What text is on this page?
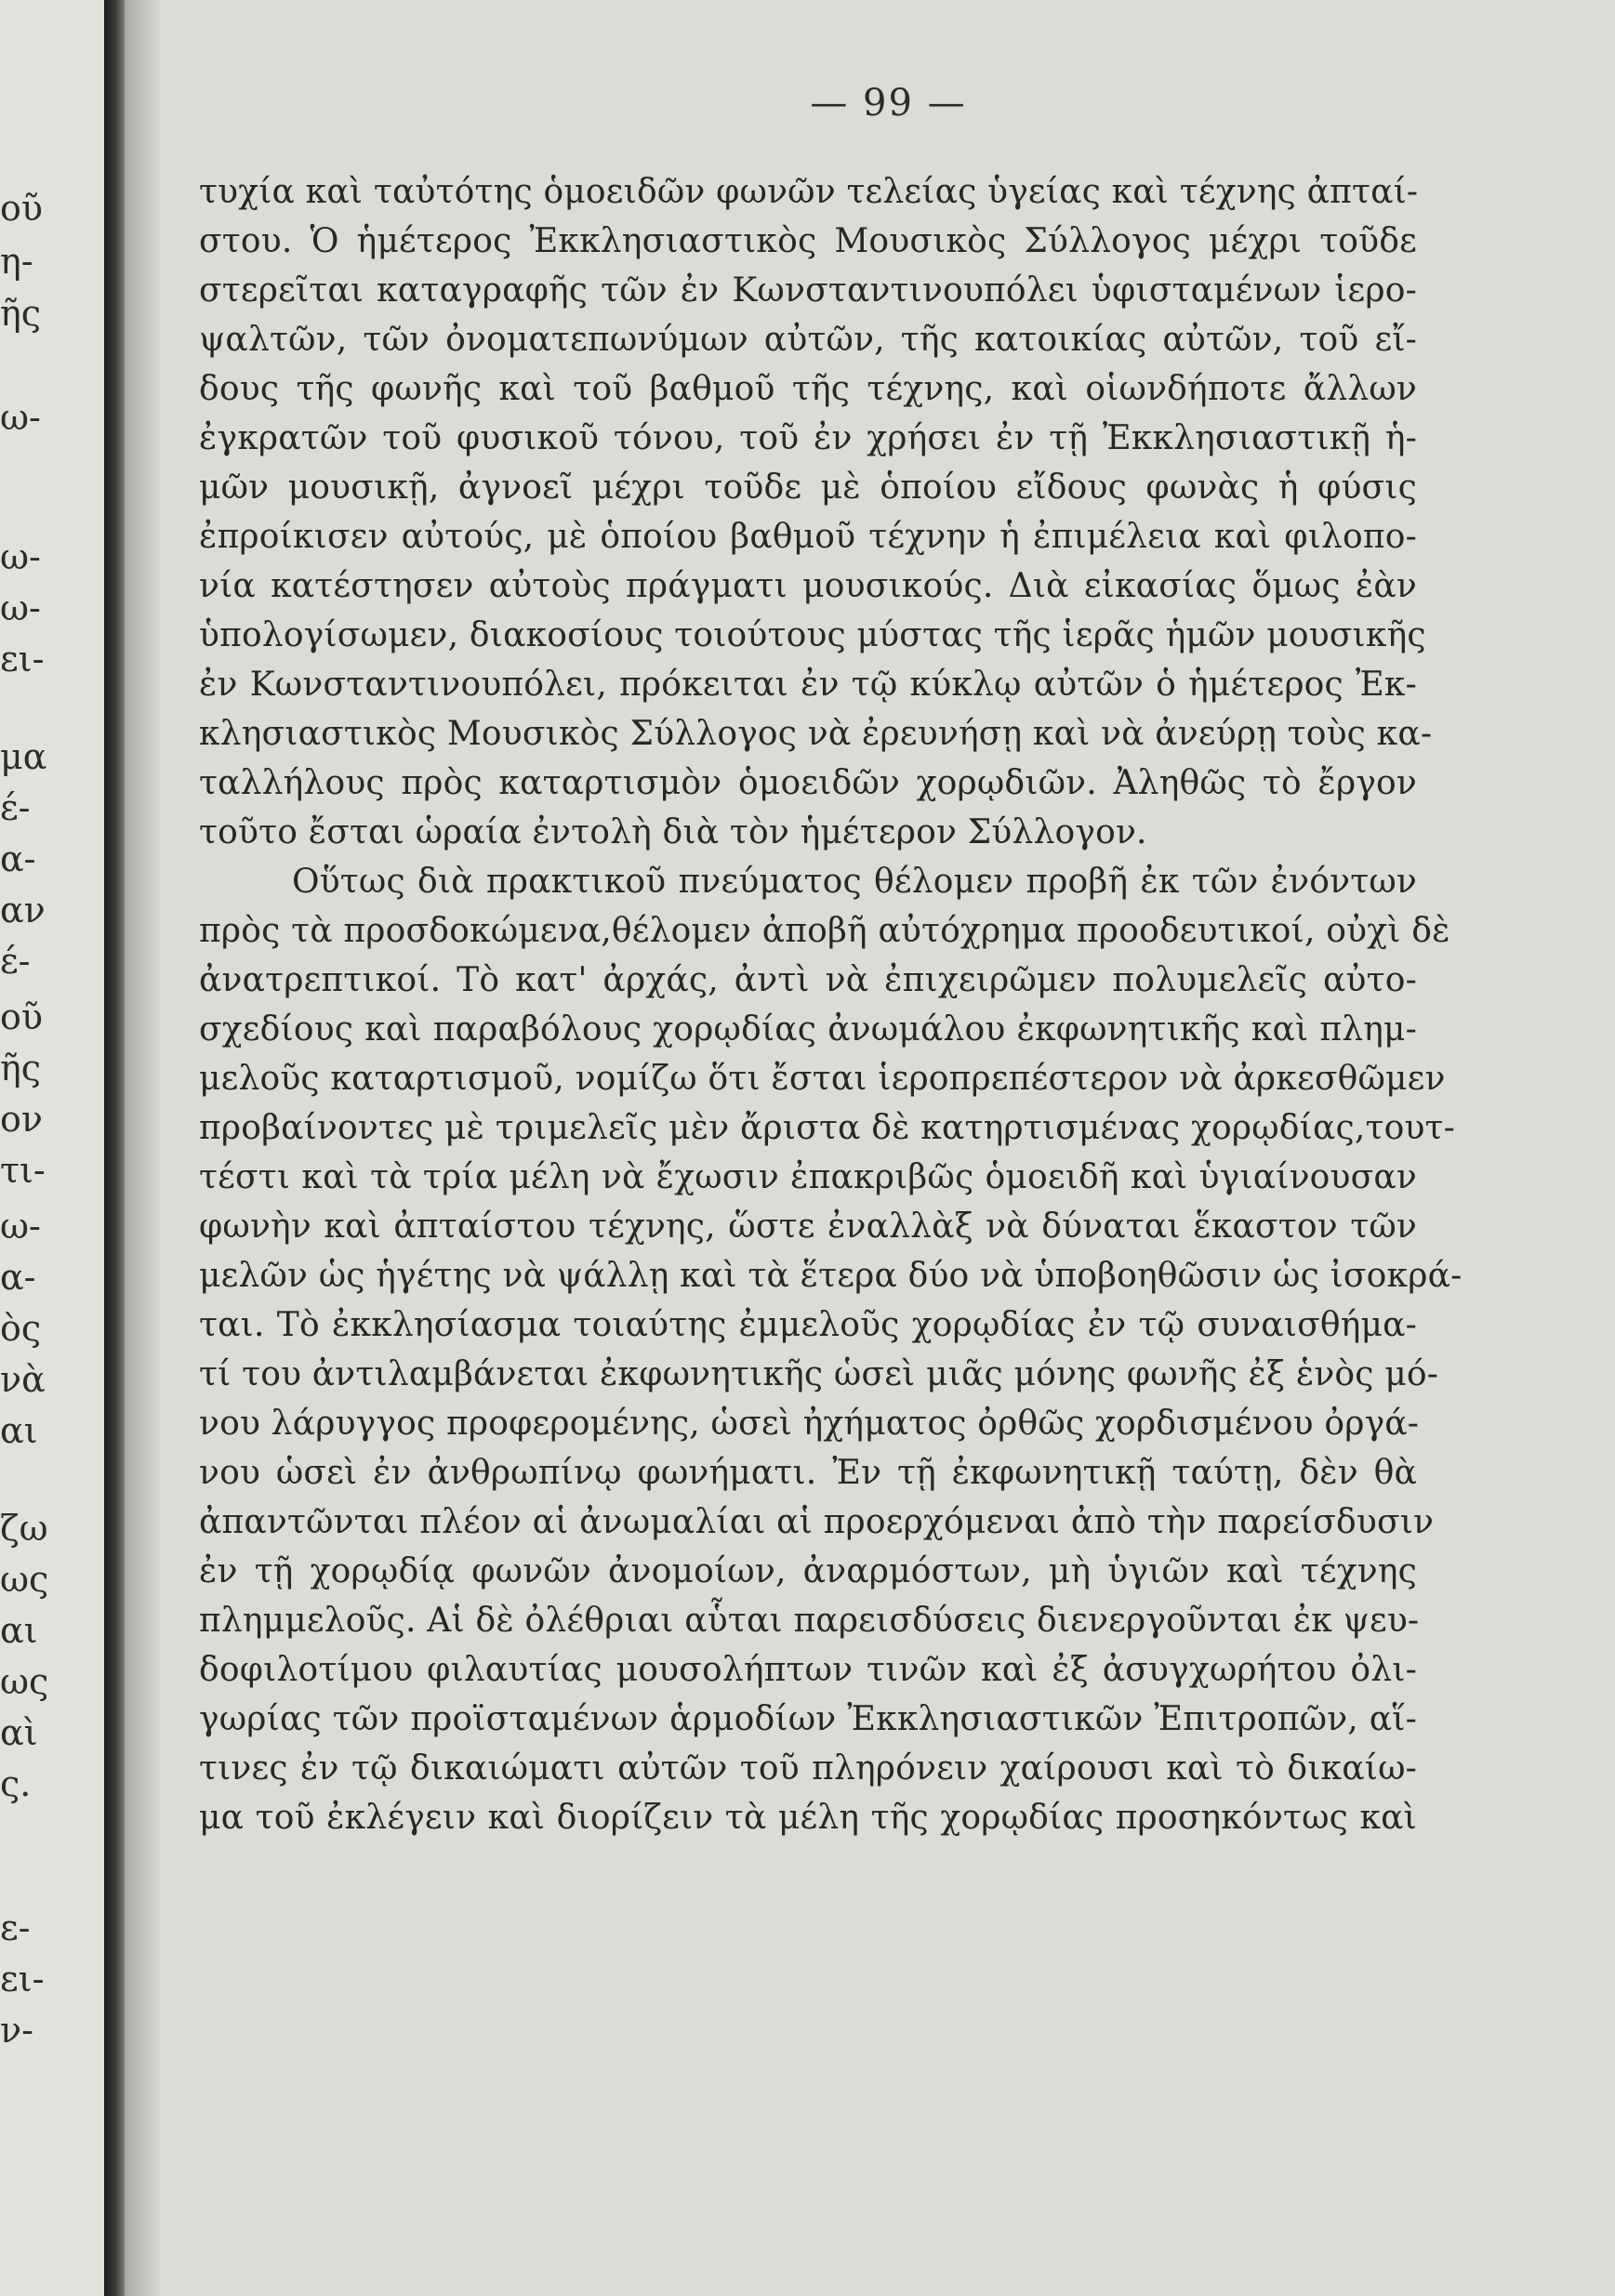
οῦ
η-
ῆς
ω-
ω-
ω-
ει-
μα
έ-
α-
αν
έ-
οῦ
ῆς
ον
τι-
ω-
α-
ὸς
νὰ
αι
ζω
ως
αι
ως
αὶ
ς.
ε-
ει-
ν-
— 99 —
τυχία καὶ ταὐτότης ὁμοειδῶν φωνῶν τελείας ὑγείας καὶ τέχνης ἀπταί-
στου. Ὁ ἡμέτερος Ἐκκλησιαστικὸς Μουσικὸς Σύλλογος μέχρι τοῦδε
στερεῖται καταγραφῆς τῶν ἐν Κωνσταντινουπόλει ὑφισταμένων ἱερο-
ψαλτῶν, τῶν ὀνοματεπωνύμων αὐτῶν, τῆς κατοικίας αὐτῶν, τοῦ εἴ-
δους τῆς φωνῆς καὶ τοῦ βαθμοῦ τῆς τέχνης, καὶ οἱωνδήποτε ἄλλων
ἐγκρατῶν τοῦ φυσικοῦ τόνου, τοῦ ἐν χρήσει ἐν τῇ Ἐκκλησιαστικῇ ἡ-
μῶν μουσικῇ, ἀγνοεῖ μέχρι τοῦδε μὲ ὁποίου εἴδους φωνὰς ἡ φύσις
ἐπροίκισεν αὐτούς, μὲ ὁποίου βαθμοῦ τέχνην ἡ ἐπιμέλεια καὶ φιλοπο-
νία κατέστησεν αὐτοὺς πράγματι μουσικούς. Διὰ εἰκασίας ὅμως ἐὰν
ὑπολογίσωμεν, διακοσίους τοιούτους μύστας τῆς ἱερᾶς ἡμῶν μουσικῆς
ἐν Κωνσταντινουπόλει, πρόκειται ἐν τῷ κύκλῳ αὐτῶν ὁ ἡμέτερος Ἐκ-
κλησιαστικὸς Μουσικὸς Σύλλογος νὰ ἐρευνήσῃ καὶ νὰ ἀνεύρῃ τοὺς κα-
ταλλήλους πρὸς καταρτισμὸν ὁμοειδῶν χορῳδιῶν. Ἀληθῶς τὸ ἔργον
τοῦτο ἔσται ὡραία ἐντολὴ διὰ τὸν ἡμέτερον Σύλλογον.
Οὕτως διὰ πρακτικοῦ πνεύματος θέλομεν προβῆ ἐκ τῶν ἐνόντων
πρὸς τὰ προσδοκώμενα,θέλομεν ἀποβῆ αὐτόχρημα προοδευτικοί, οὐχὶ δὲ
ἀνατρεπτικοί. Τὸ κατ' ἀρχάς, ἀντὶ νὰ ἐπιχειρῶμεν πολυμελεῖς αὐτο-
σχεδίους καὶ παραβόλους χορῳδίας ἀνωμάλου ἐκφωνητικῆς καὶ πλημ-
μελοῦς καταρτισμοῦ, νομίζω ὅτι ἔσται ἱεροπρεπέστερον νὰ ἀρκεσθῶμεν
προβαίνοντες μὲ τριμελεῖς μὲν ἄριστα δὲ κατηρτισμένας χορῳδίας,τουτ-
τέστι καὶ τὰ τρία μέλη νὰ ἔχωσιν ἐπακριβῶς ὁμοειδῆ καὶ ὑγιαίνουσαν
φωνὴν καὶ ἀπταίστου τέχνης, ὥστε ἐναλλὰξ νὰ δύναται ἕκαστον τῶν
μελῶν ὡς ἡγέτης νὰ ψάλλῃ καὶ τὰ ἕτερα δύο νὰ ὑποβοηθῶσιν ὡς ἰσοκρά-
ται. Τὸ ἐκκλησίασμα τοιαύτης ἐμμελοῦς χορῳδίας ἐν τῷ συναισθήμα-
τί του ἀντιλαμβάνεται ἐκφωνητικῆς ὡσεὶ μιᾶς μόνης φωνῆς ἐξ ἑνὸς μό-
νου λάρυγγος προφερομένης, ὡσεὶ ἠχήματος ὀρθῶς χορδισμένου ὀργά-
νου ὡσεὶ ἐν ἀνθρωπίνῳ φωνήματι. Ἐν τῇ ἐκφωνητικῇ ταύτῃ, δὲν θὰ
ἀπαντῶνται πλέον αἱ ἀνωμαλίαι αἱ προερχόμεναι ἀπὸ τὴν παρείσδυσιν
ἐν τῇ χορῳδίᾳ φωνῶν ἀνομοίων, ἀναρμόστων, μὴ ὑγιῶν καὶ τέχνης
πλημμελοῦς. Αἱ δὲ ὀλέθριαι αὗται παρεισδύσεις διενεργοῦνται ἐκ ψευ-
δοφιλοτίμου φιλαυτίας μουσολήπτων τινῶν καὶ ἐξ ἀσυγχωρήτου ὀλι-
γωρίας τῶν προϊσταμένων ἁρμοδίων Ἐκκλησιαστικῶν Ἐπιτροπῶν, αἵ-
τινες ἐν τῷ δικαιώματι αὐτῶν τοῦ πληρόνειν χαίρουσι καὶ τὸ δικαίω-
μα τοῦ ἐκλέγειν καὶ διορίζειν τὰ μέλη τῆς χορῳδίας προσηκόντως καὶ
